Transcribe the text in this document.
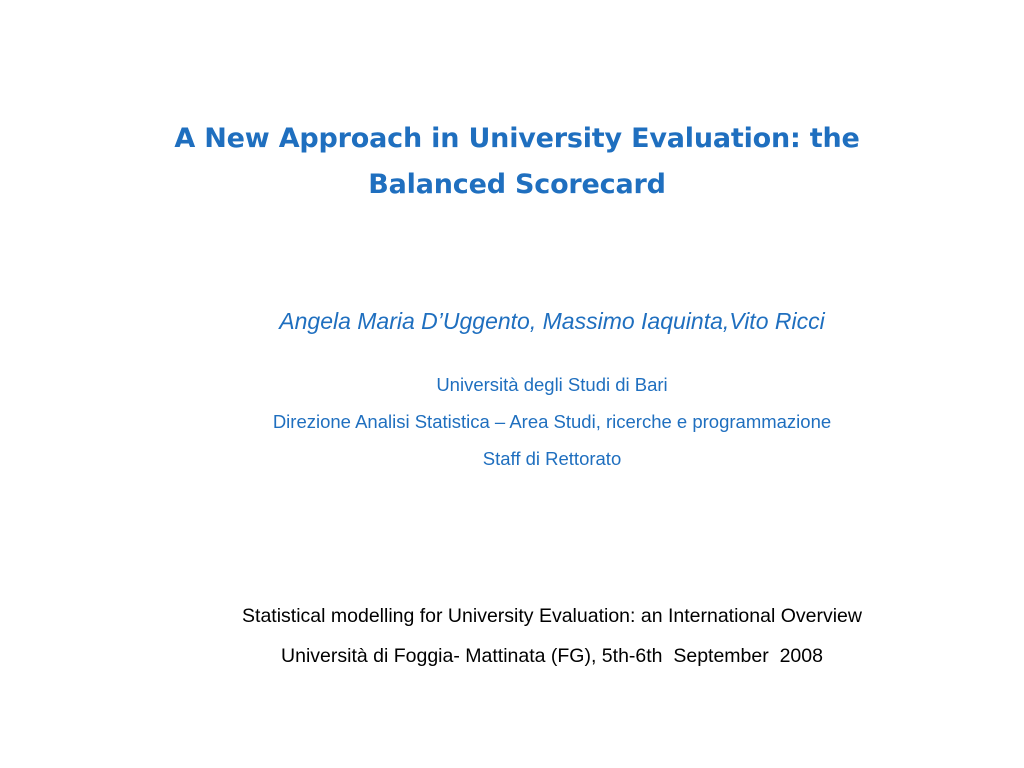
A New Approach in University Evaluation: the
Balanced Scorecard
Angela Maria D’Uggento, Massimo Iaquinta,Vito Ricci
Università degli Studi di Bari
Direzione Analisi Statistica – Area Studi, ricerche e programmazione
Staff di Rettorato
Statistical modelling for University Evaluation: an International Overview
Università di Foggia- Mattinata (FG), 5th-6th  September  2008
